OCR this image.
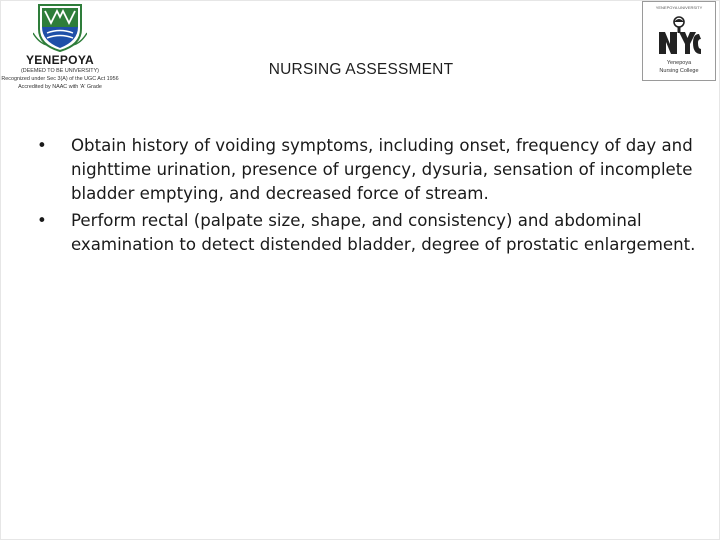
YENEPOYA
(DEEMED TO BE UNIVERSITY)
Recognized under Sec 3(A) of the UGC Act 1956
Accredited by NAAC with 'A' Grade
YENEPOYA UNIVERSITY
Yenepoya
Nursing College
NURSING ASSESSMENT
•	Obtain history of voiding symptoms, including onset, frequency of day and nighttime urination, presence of urgency, dysuria, sensation of incomplete bladder emptying, and decreased force of stream.
•	Perform rectal (palpate size, shape, and consistency) and abdominal examination to detect distended bladder, degree of prostatic enlargement.
